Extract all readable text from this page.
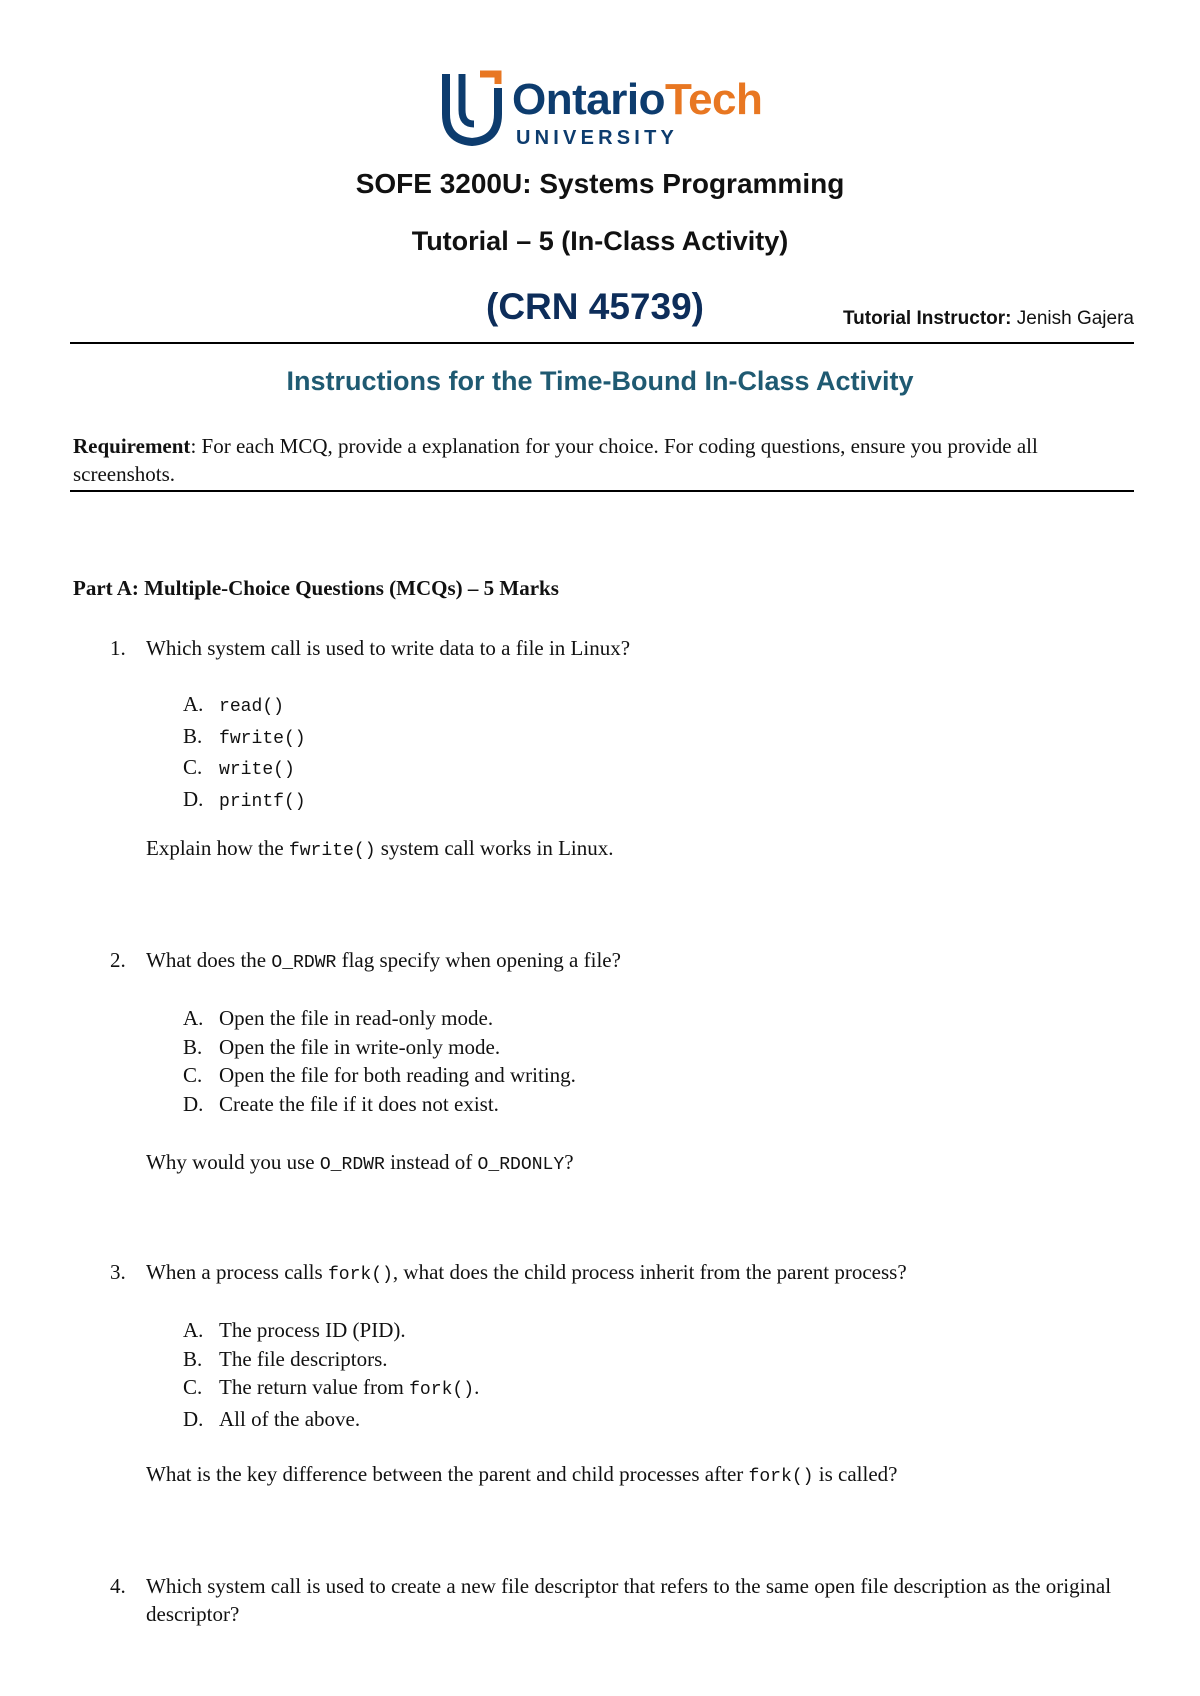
OntarioTech
UNIVERSITY
SOFE 3200U: Systems Programming
Tutorial – 5 (In-Class Activity)
(CRN 45739)	Tutorial Instructor: Jenish Gajera
Instructions for the Time-Bound In-Class Activity
Requirement: For each MCQ, provide a explanation for your choice. For coding questions, ensure you provide all screenshots.
Part A: Multiple-Choice Questions (MCQs) – 5 Marks
1. Which system call is used to write data to a file in Linux?
A. read()
B. fwrite()
C. write()
D. printf()
Explain how the fwrite() system call works in Linux.
2. What does the O_RDWR flag specify when opening a file?
A. Open the file in read-only mode.
B. Open the file in write-only mode.
C. Open the file for both reading and writing.
D. Create the file if it does not exist.
Why would you use O_RDWR instead of O_RDONLY?
3. When a process calls fork(), what does the child process inherit from the parent process?
A. The process ID (PID).
B. The file descriptors.
C. The return value from fork().
D. All of the above.
What is the key difference between the parent and child processes after fork() is called?
4. Which system call is used to create a new file descriptor that refers to the same open file description as the original descriptor?
